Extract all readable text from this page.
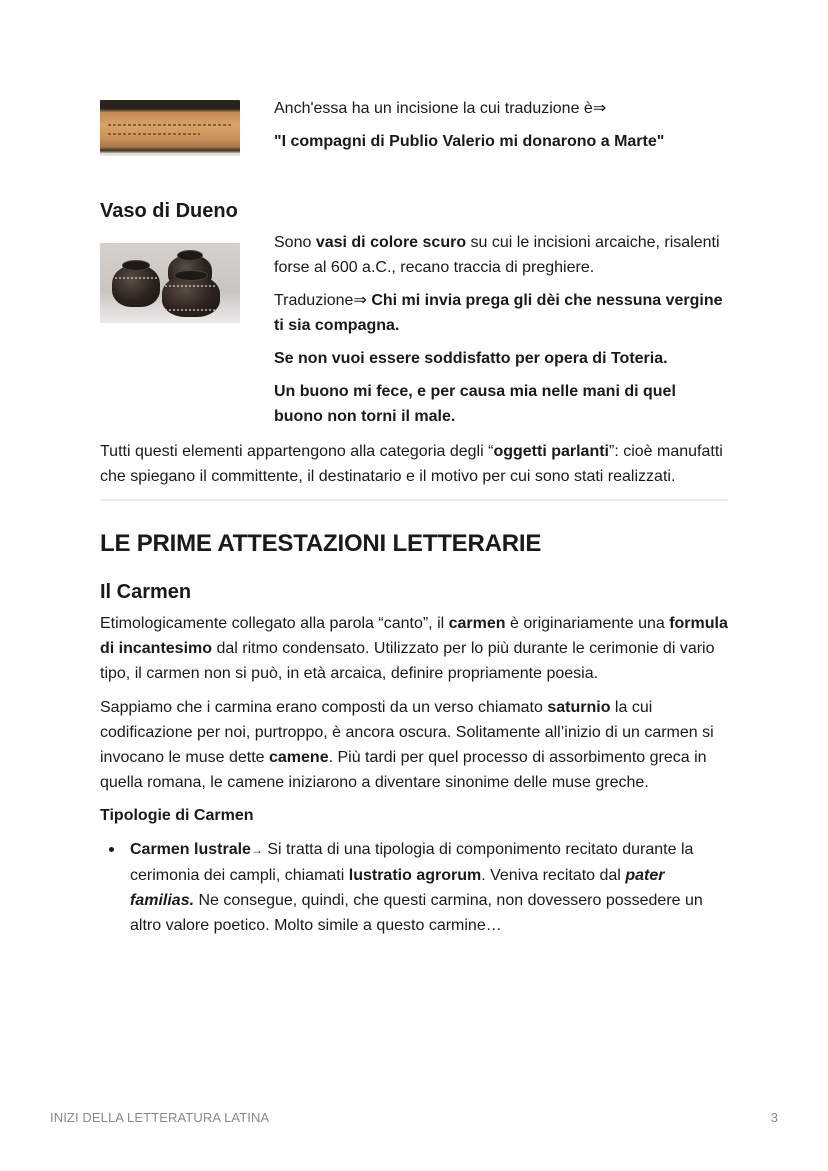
Anch'essa ha un incisione la cui traduzione è⇒

"I compagni di Publio Valerio mi donarono a Marte"

Vaso di Dueno

Sono vasi di colore scuro su cui le incisioni arcaiche, risalenti forse al 600 a.C., recano traccia di preghiere.

Traduzione⇒ Chi mi invia prega gli dèi che nessuna vergine ti sia compagna.

Se non vuoi essere soddisfatto per opera di Toteria.

Un buono mi fece, e per causa mia nelle mani di quel buono non torni il male.

Tutti questi elementi appartengono alla categoria degli “oggetti parlanti”: cioè manufatti che spiegano il committente, il destinatario e il motivo per cui sono stati realizzati.

LE PRIME ATTESTAZIONI LETTERARIE
Il Carmen

Etimologicamente collegato alla parola “canto”, il carmen è originariamente una formula di incantesimo dal ritmo condensato. Utilizzato per lo più durante le cerimonie di vario tipo, il carmen non si può, in età arcaica, definire propriamente poesia.

Sappiamo che i carmina erano composti da un verso chiamato saturnio la cui codificazione per noi, purtroppo, è ancora oscura. Solitamente all’inizio di un carmen si invocano le muse dette camene. Più tardi per quel processo di assorbimento greca in quella romana, le camene iniziarono a diventare sinonime delle muse greche.

Tipologie di Carmen
Carmen lustrale→ Si tratta di una tipologia di componimento recitato durante la cerimonia dei campli, chiamati lustratio agrorum. Veniva recitato dal pater familias. Ne consegue, quindi, che questi carmina, non dovessero possedere un altro valore poetico. Molto simile a questo carmine…
INIZI DELLA LETTERATURA LATINA	3
